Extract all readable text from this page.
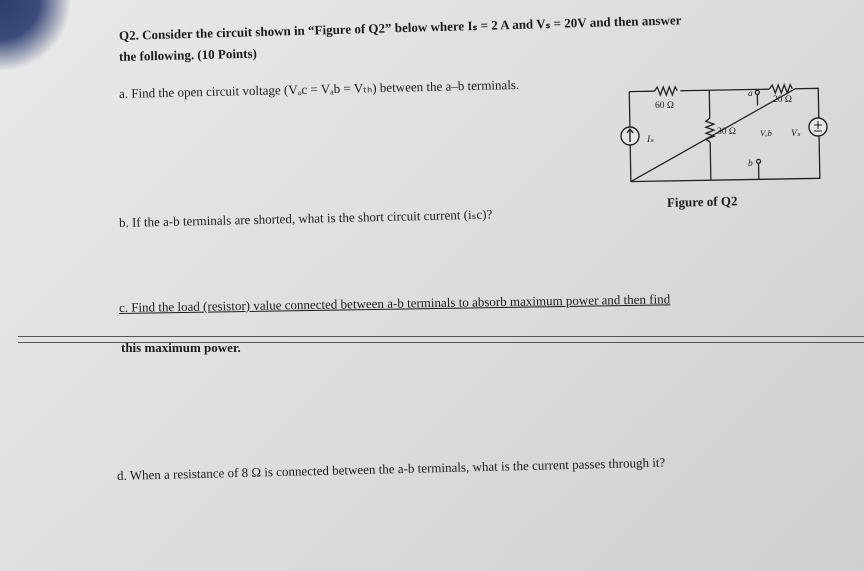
Q2. Consider the circuit shown in “Figure of Q2” below where Iₛ = 2 A and Vₛ = 20V and then answer
the following. (10 Points)
a. Find the open circuit voltage (Vₒc = Vₐb = Vₜₕ) between the a–b terminals.
b. If the a-b terminals are shorted, what is the short circuit current (iₛc)?
c. Find the load (resistor) value connected between a-b terminals to absorb maximum power and then find
this maximum power.
d. When a resistance of 8 Ω is connected between the a-b terminals, what is the current passes through it?
60 Ω
20 Ω
30 Ω
Iₛ
Vₛ
Vₐb
a
b
Figure of Q2
